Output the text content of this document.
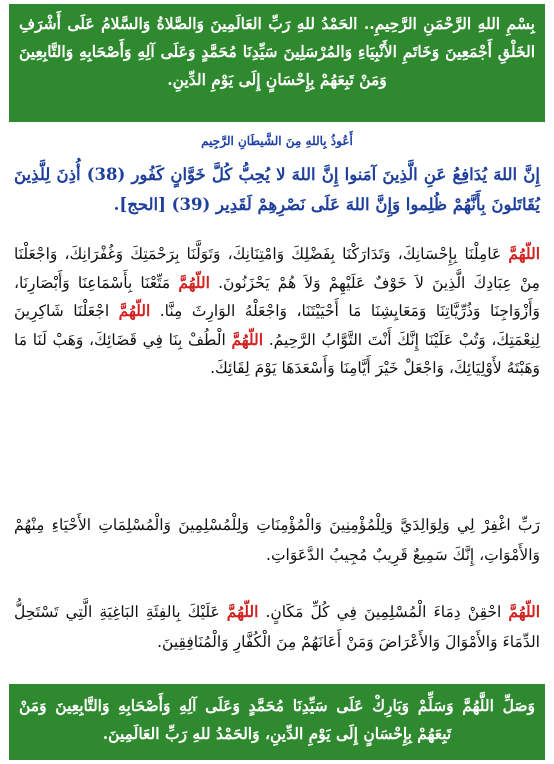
بِسْمِ اللهِ الرَّحْمَنِ الرَّحِيمِ.. الحَمْدُ للهِ رَبِّ العَالَمِينَ وَالصَّلاةُ وَالسَّلامُ عَلَى أَشْرَفِ الخَلْقِ أَجْمَعِينَ وَخَاتَمِ الأَنْبِيَاءِ وَالمُرْسَلِينَ سَيِّدِنَا مُحَمَّدٍ وَعَلَى آلِهِ وَأَصْحَابِهِ وَالتَّابِعِينَ وَمَنْ تَبِعَهُمْ بِإِحْسَانٍ إِلَى يَوْمِ الدِّينِ.

أَعُوذُ بِاللهِ مِنَ الشَّيطَانِ الرَّجِيم
إِنَّ اللهَ يُدَافِعُ عَنِ الَّذِينَ آمَنوا إِنَّ اللهَ لا يُحِبُّ كُلَّ خَوَّانٍ كَفُور (38) أُذِنَ لِلَّذِينَ يُقَاتَلونَ بِأَنَّهُمْ ظُلِموا وَإِنَّ اللهَ عَلَى نَصْرِهِمْ لَقَدِير (39) [الحج].
اللّهُمَّ عَامِلْنَا بِإِحْسَانِكَ، وَتَدَارَكْنَا بِفَضْلِكَ وَامْتِنَانِكَ، وَتَوَلَّنَا بِرَحْمَتِكَ وَغُفْرَانِكَ، وَاجْعَلْنَا مِنْ عِبَادِكَ الَّذِينَ لاَ خَوْفٌ عَلَيْهِمْ وَلاَ هُمْ يَحْزَنُونَ. اللّهُمَّ مَتِّعْنَا بِأَسْمَاعِنَا وَأَبْصَارِنَا، وَأَزْوَاجِنَا وَذُرِّيَّاتِنَا وَمَعَايِشِنَا مَا أَحْيَيْتَنَا، وَاجْعَلْهُ الوَارِثَ مِنَّا. اللّهُمَّ اجْعَلْنَا شَاكِرِينَ لِنِعْمَتِكَ، وَتُبْ عَلَيْنَا إِنَّكَ أَنْتَ التَّوَّابُ الرَّحِيمُ. اللّهُمَّ الْطُفْ بِنَا فِي قَضَائِكَ، وَهَبْ لَنَا مَا وَهَبْتَهُ لأَوْلِيَائِكَ، وَاجْعَلْ خَيْرَ أَيَّامِنَا وَأَسْعَدَهَا يَوْمَ لِقَائِكَ.
رَبِّ اغْفِرْ لِي وَلِوَالِدَيَّ وَلِلْمُؤْمِنِينَ وَالْمُؤْمِنَاتِ وَلِلْمُسْلِمِينَ وَالْمُسْلِمَاتِ الأَحْيَاءِ مِنْهُمْ وَالأَمْوَاتِ، إِنَّكَ سَمِيعٌ قَرِيبٌ مُجِيبُ الدَّعَوَاتِ.
اللّهُمَّ احْقِنْ دِمَاءَ الْمُسْلِمِينَ فِي كُلِّ مَكَانٍ. اللّهُمَّ عَلَيْكَ بِالفِئَةِ البَاغِيَةِ الَّتِي تَسْتَحِلُّ الدِّمَاءَ وَالأَمْوَالَ وَالأَعْرَاضَ وَمَنْ أَعَانَهُمْ مِنَ الْكُفَّارِ وَالْمُنَافِقِينَ.

وَصَلِّ اللَّهُمَّ وَسَلِّمْ وَبَارِكْ عَلَى سَيِّدِنَا مُحَمَّدٍ وَعَلَى آلِهِ وَأَصْحَابِهِ وَالتَّابِعِينَ وَمَنْ تَبِعَهُمْ بِإِحْسَانٍ إِلَى يَوْمِ الدِّينِ، وَالحَمْدُ للهِ رَبِّ العَالَمِينَ.
